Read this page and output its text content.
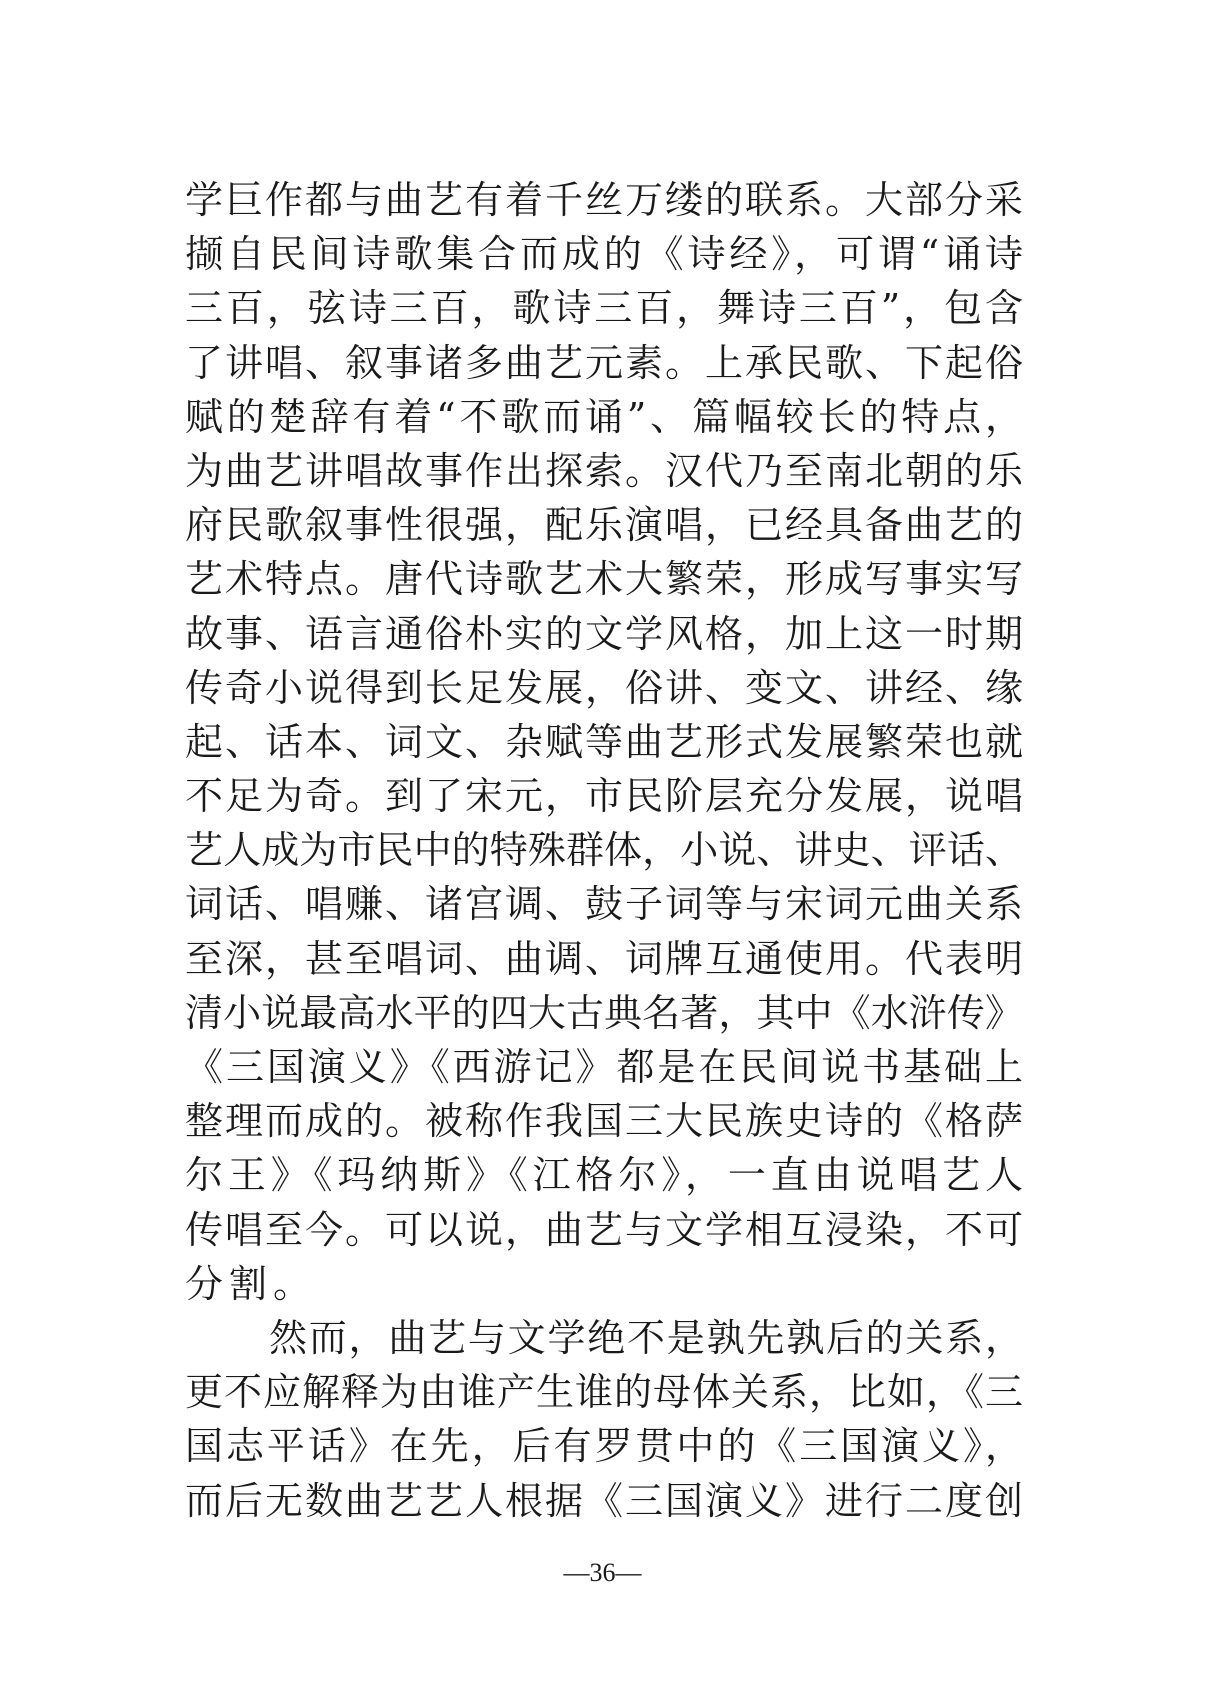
学巨作都与曲艺有着千丝万缕的联系。大部分采
撷自民间诗歌集合而成的《诗经》，可谓“诵诗
三百，弦诗三百，歌诗三百，舞诗三百”，包含
了讲唱、叙事诸多曲艺元素。上承民歌、下起俗
赋的楚辞有着“不歌而诵”、篇幅较长的特点，
为曲艺讲唱故事作出探索。汉代乃至南北朝的乐
府民歌叙事性很强，配乐演唱，已经具备曲艺的
艺术特点。唐代诗歌艺术大繁荣，形成写事实写
故事、语言通俗朴实的文学风格，加上这一时期
传奇小说得到长足发展，俗讲、变文、讲经、缘
起、话本、词文、杂赋等曲艺形式发展繁荣也就
不足为奇。到了宋元，市民阶层充分发展，说唱
艺人成为市民中的特殊群体，小说、讲史、评话、
词话、唱赚、诸宫调、鼓子词等与宋词元曲关系
至深，甚至唱词、曲调、词牌互通使用。代表明
清小说最高水平的四大古典名著，其中《水浒传》
《三国演义》《西游记》都是在民间说书基础上
整理而成的。被称作我国三大民族史诗的《格萨
尔王》《玛纳斯》《江格尔》，一直由说唱艺人
传唱至今。可以说，曲艺与文学相互浸染，不可
分割。
然而，曲艺与文学绝不是孰先孰后的关系，
更不应解释为由谁产生谁的母体关系，比如，《三
国志平话》在先，后有罗贯中的《三国演义》，
而后无数曲艺艺人根据《三国演义》进行二度创
—36—
